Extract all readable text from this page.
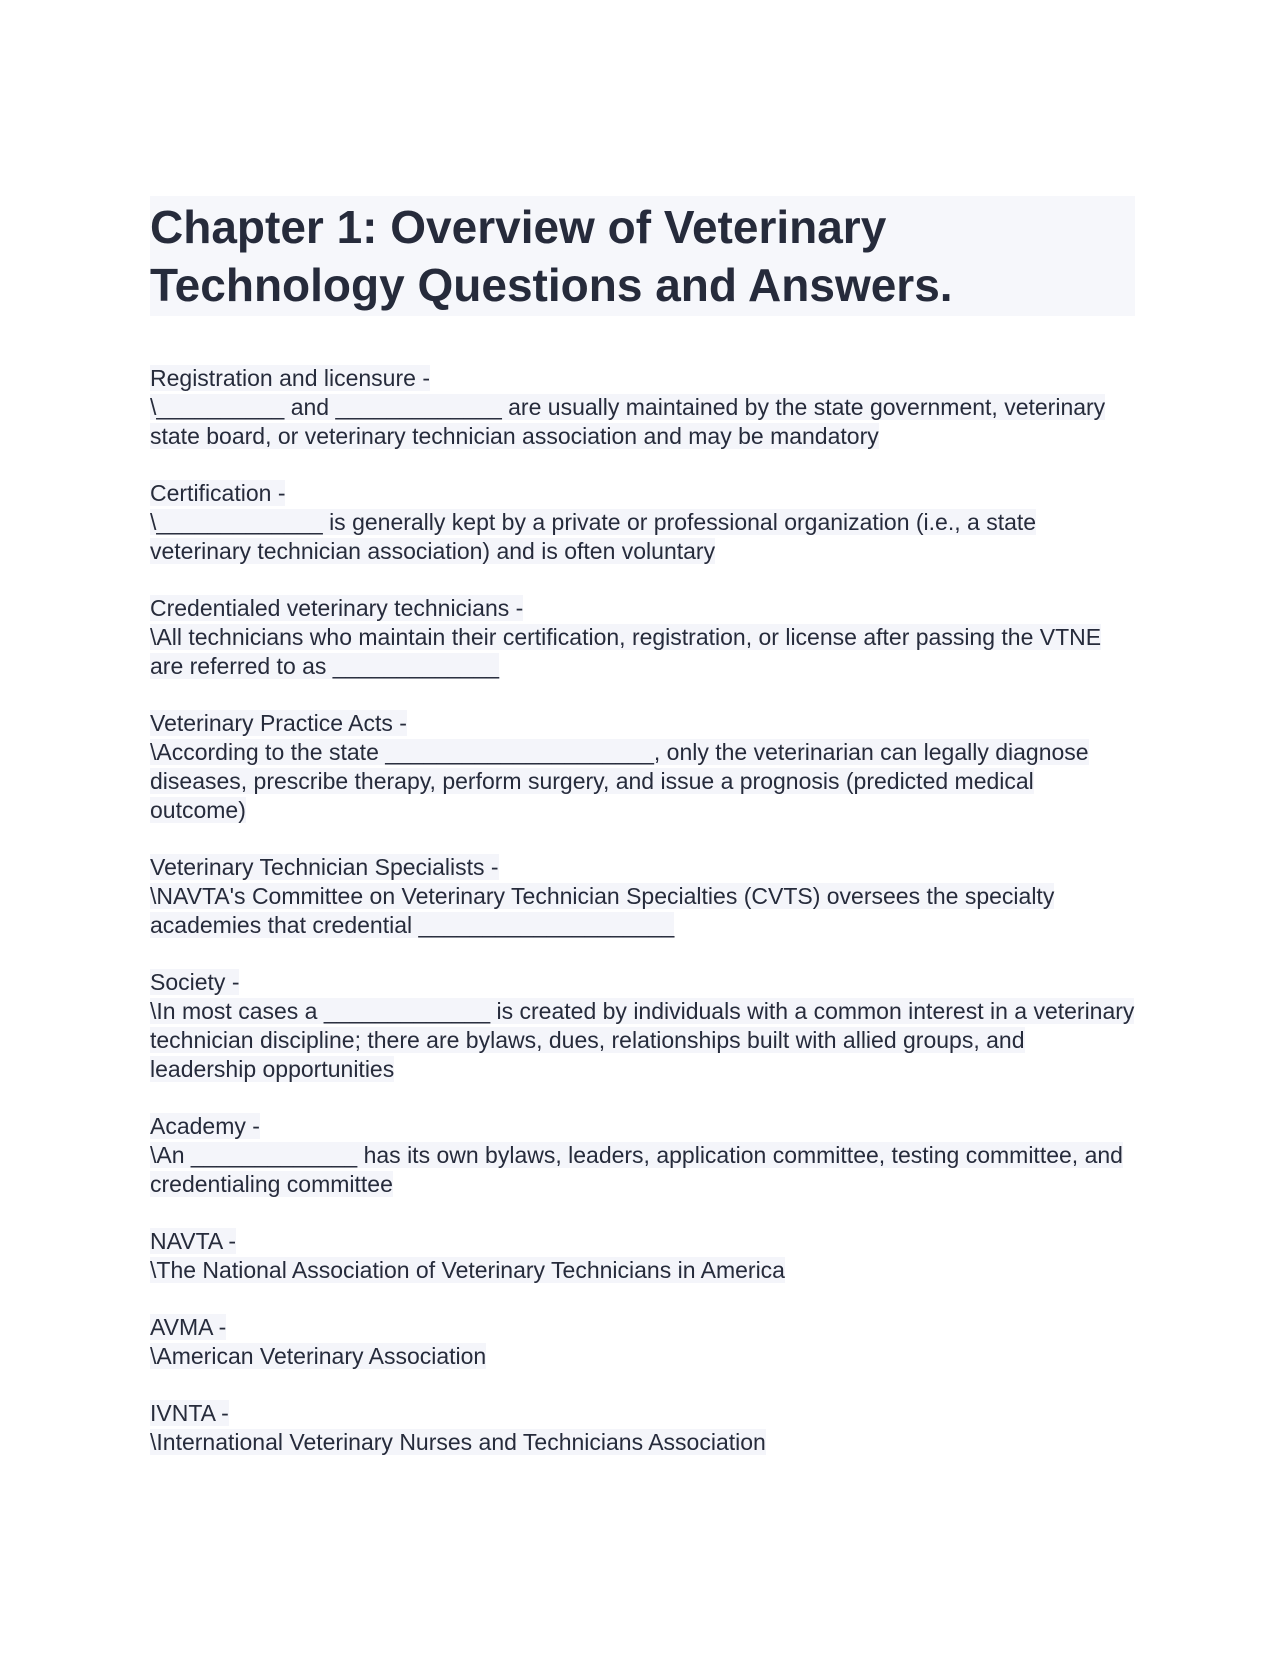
Chapter 1: Overview of Veterinary Technology Questions and Answers.
Registration and licensure -
\__________ and _____________ are usually maintained by the state government, veterinary state board, or veterinary technician association and may be mandatory
Certification -
\_____________ is generally kept by a private or professional organization (i.e., a state veterinary technician association) and is often voluntary
Credentialed veterinary technicians -
\All technicians who maintain their certification, registration, or license after passing the VTNE are referred to as _____________
Veterinary Practice Acts -
\According to the state _____________________, only the veterinarian can legally diagnose diseases, prescribe therapy, perform surgery, and issue a prognosis (predicted medical outcome)
Veterinary Technician Specialists -
\NAVTA's Committee on Veterinary Technician Specialties (CVTS) oversees the specialty academies that credential ____________________
Society -
\In most cases a _____________ is created by individuals with a common interest in a veterinary technician discipline; there are bylaws, dues, relationships built with allied groups, and leadership opportunities
Academy -
\An _____________ has its own bylaws, leaders, application committee, testing committee, and credentialing committee
NAVTA -
\The National Association of Veterinary Technicians in America
AVMA -
\American Veterinary Association
IVNTA -
\International Veterinary Nurses and Technicians Association
